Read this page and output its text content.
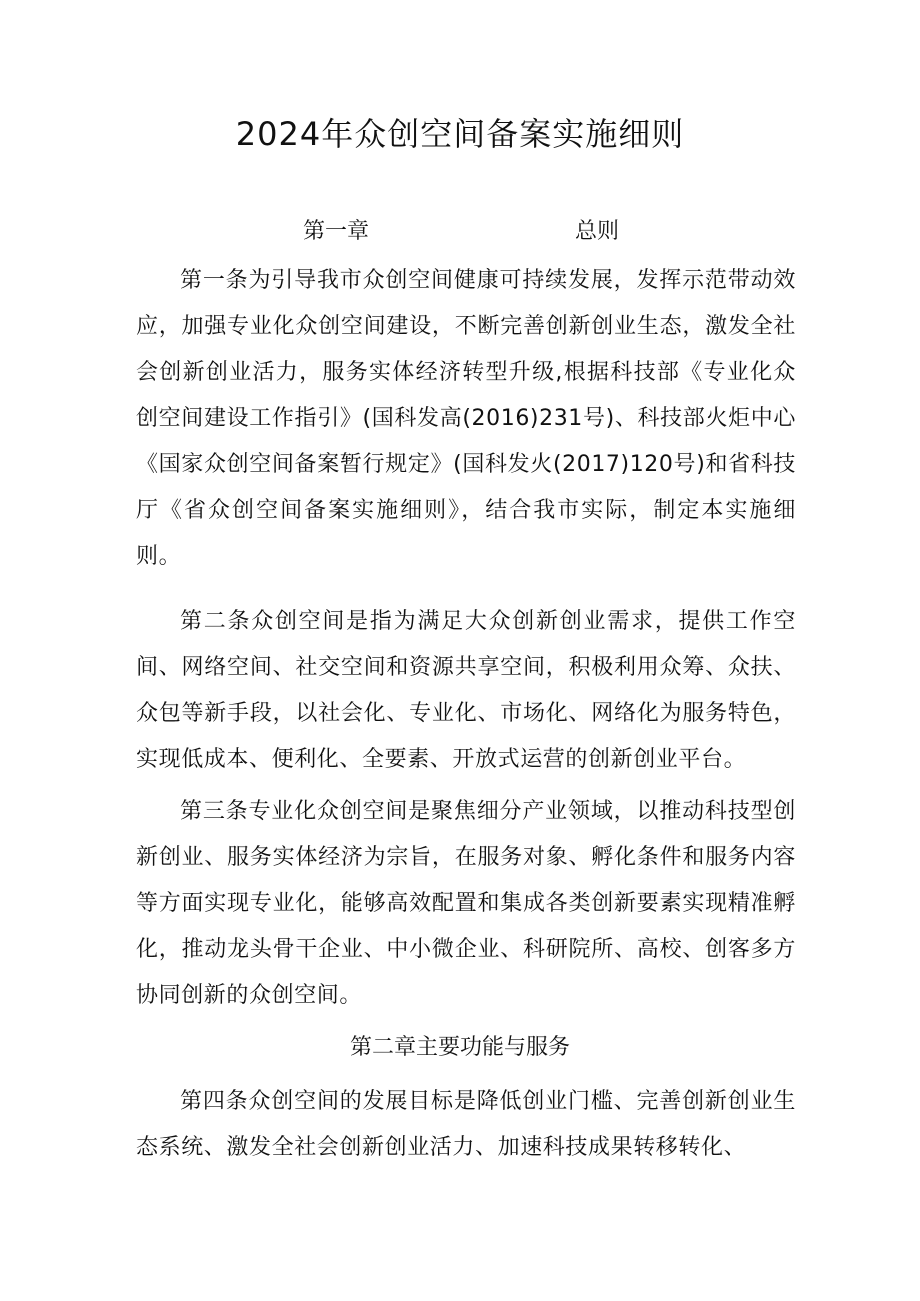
2024年众创空间备案实施细则
第一章	总则

第一条为引导我市众创空间健康可持续发展，发挥示范带动效应，加强专业化众创空间建设，不断完善创新创业生态，激发全社会创新创业活力，服务实体经济转型升级,根据科技部《专业化众创空间建设工作指引》(国科发高(2016)231号)、科技部火炬中心《国家众创空间备案暂行规定》(国科发火(2017)120号)和省科技厅《省众创空间备案实施细则》，结合我市实际，制定本实施细则。

第二条众创空间是指为满足大众创新创业需求，提供工作空间、网络空间、社交空间和资源共享空间，积极利用众筹、众扶、众包等新手段，以社会化、专业化、市场化、网络化为服务特色，实现低成本、便利化、全要素、开放式运营的创新创业平台。

第三条专业化众创空间是聚焦细分产业领域，以推动科技型创新创业、服务实体经济为宗旨，在服务对象、孵化条件和服务内容等方面实现专业化，能够高效配置和集成各类创新要素实现精准孵化，推动龙头骨干企业、中小微企业、科研院所、高校、创客多方协同创新的众创空间。

第二章主要功能与服务

第四条众创空间的发展目标是降低创业门槛、完善创新创业生态系统、激发全社会创新创业活力、加速科技成果转移转化、
